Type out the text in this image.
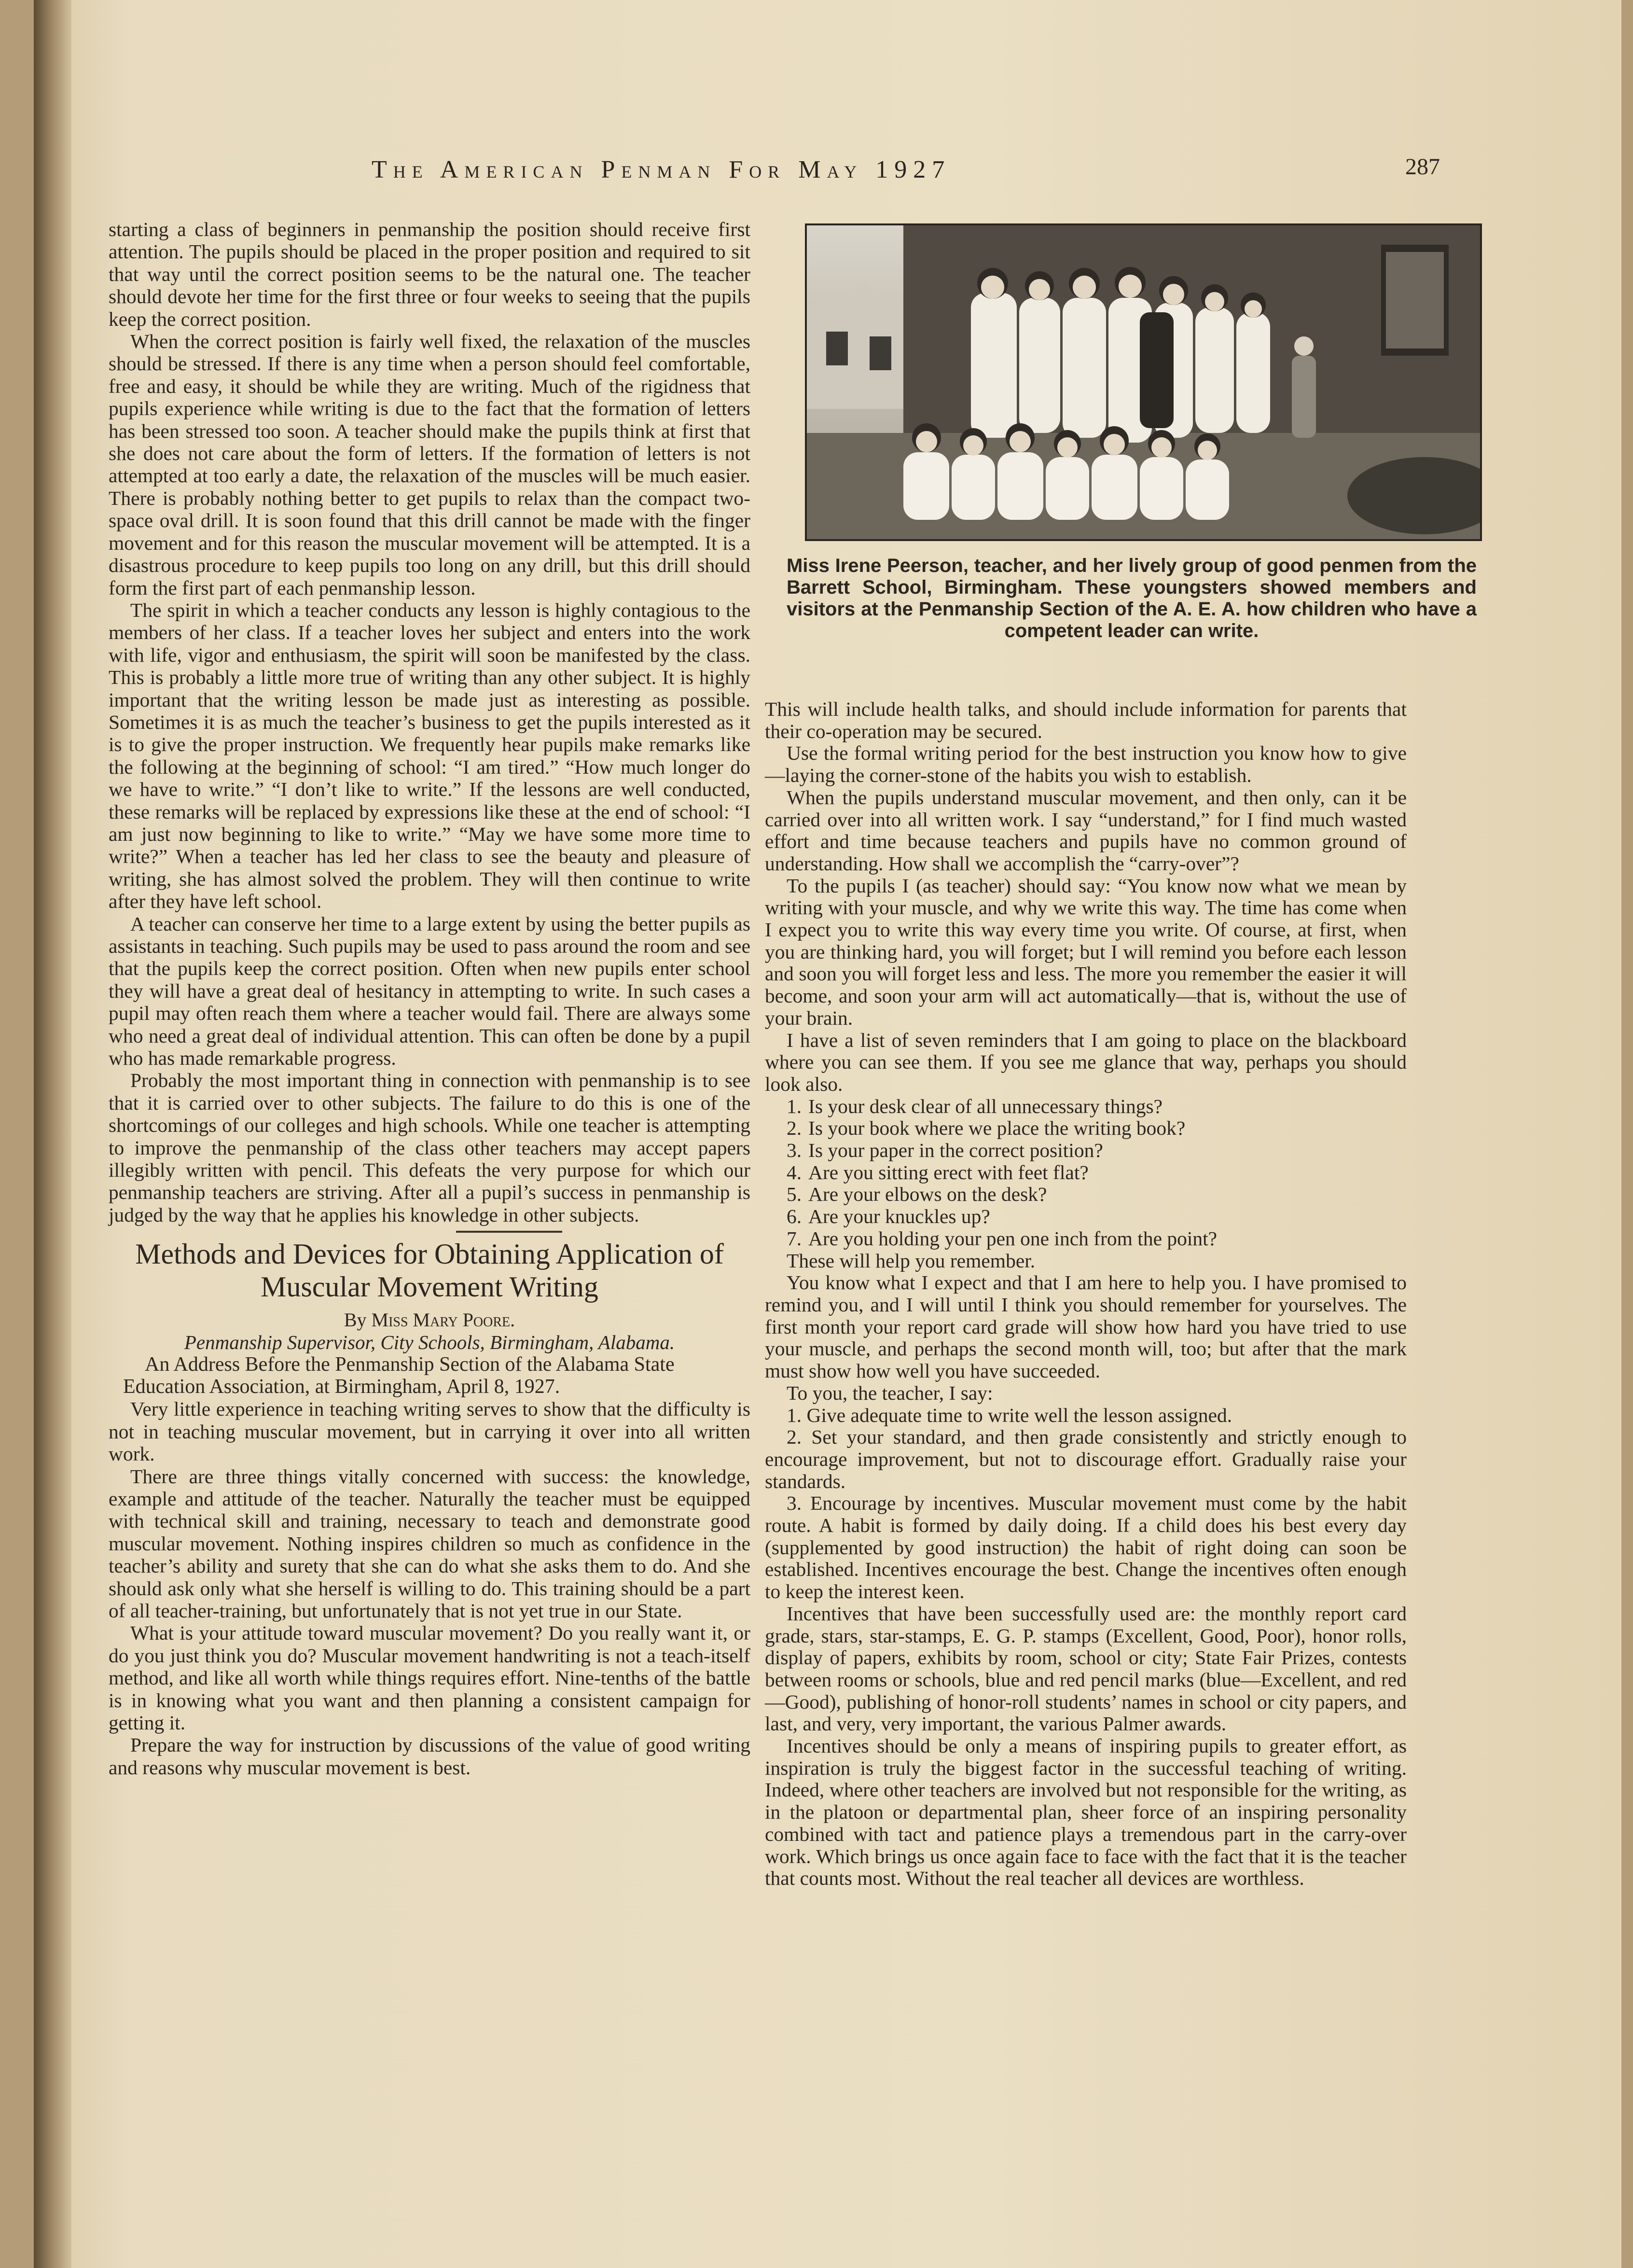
The American Penman For May 1927	287

starting a class of beginners in penmanship the position should receive first attention. The pupils should be placed in the proper position and required to sit that way until the correct position seems to be the natural one. The teacher should devote her time for the first three or four weeks to seeing that the pupils keep the correct position.

When the correct position is fairly well fixed, the relaxation of the muscles should be stressed. If there is any time when a person should feel comfortable, free and easy, it should be while they are writing. Much of the rigidness that pupils experience while writing is due to the fact that the formation of letters has been stressed too soon. A teacher should make the pupils think at first that she does not care about the form of letters. If the formation of letters is not attempted at too early a date, the relaxation of the muscles will be much easier. There is probably nothing better to get pupils to relax than the compact two-space oval drill. It is soon found that this drill cannot be made with the finger movement and for this reason the muscular movement will be attempted. It is a disastrous procedure to keep pupils too long on any drill, but this drill should form the first part of each penmanship lesson.

The spirit in which a teacher conducts any lesson is highly contagious to the members of her class. If a teacher loves her subject and enters into the work with life, vigor and enthusiasm, the spirit will soon be manifested by the class. This is probably a little more true of writing than any other subject. It is highly important that the writing lesson be made just as interesting as possible. Sometimes it is as much the teacher’s business to get the pupils interested as it is to give the proper instruction. We frequently hear pupils make remarks like the following at the beginning of school: “I am tired.” “How much longer do we have to write.” “I don’t like to write.” If the lessons are well conducted, these remarks will be replaced by expressions like these at the end of school: “I am just now beginning to like to write.” “May we have some more time to write?” When a teacher has led her class to see the beauty and pleasure of writing, she has almost solved the problem. They will then continue to write after they have left school.

A teacher can conserve her time to a large extent by using the better pupils as assistants in teaching. Such pupils may be used to pass around the room and see that the pupils keep the correct position. Often when new pupils enter school they will have a great deal of hesitancy in attempting to write. In such cases a pupil may often reach them where a teacher would fail. There are always some who need a great deal of individual attention. This can often be done by a pupil who has made remarkable progress.

Probably the most important thing in connection with penmanship is to see that it is carried over to other subjects. The failure to do this is one of the shortcomings of our colleges and high schools. While one teacher is attempting to improve the penmanship of the class other teachers may accept papers illegibly written with pencil. This defeats the very purpose for which our penmanship teachers are striving. After all a pupil’s success in penmanship is judged by the way that he applies his knowledge in other subjects.

Methods and Devices for Obtaining Application of Muscular Movement Writing

By Miss Mary Poore.

Penmanship Supervisor, City Schools, Birmingham, Alabama.

An Address Before the Penmanship Section of the Alabama State Education Association, at Birmingham, April 8, 1927.

Very little experience in teaching writing serves to show that the difficulty is not in teaching muscular movement, but in carrying it over into all written work.

There are three things vitally concerned with success: the knowledge, example and attitude of the teacher. Naturally the teacher must be equipped with technical skill and training, necessary to teach and demonstrate good muscular movement. Nothing inspires children so much as confidence in the teacher’s ability and surety that she can do what she asks them to do. And she should ask only what she herself is willing to do. This training should be a part of all teacher-training, but unfortunately that is not yet true in our State.

What is your attitude toward muscular movement? Do you really want it, or do you just think you do? Muscular movement handwriting is not a teach-itself method, and like all worth while things requires effort. Nine-tenths of the battle is in knowing what you want and then planning a consistent campaign for getting it.

Prepare the way for instruction by discussions of the value of good writing and reasons why muscular movement is best.

Miss Irene Peerson, teacher, and her lively group of good penmen from the Barrett School, Birmingham. These youngsters showed members and visitors at the Penmanship Section of the A. E. A. how children who have a competent leader can write.

This will include health talks, and should include information for parents that their co-operation may be secured.

Use the formal writing period for the best instruction you know how to give—laying the corner-stone of the habits you wish to establish.

When the pupils understand muscular movement, and then only, can it be carried over into all written work. I say “understand,” for I find much wasted effort and time because teachers and pupils have no common ground of understanding. How shall we accomplish the “carry-over”?

To the pupils I (as teacher) should say: “You know now what we mean by writing with your muscle, and why we write this way. The time has come when I expect you to write this way every time you write. Of course, at first, when you are thinking hard, you will forget; but I will remind you before each lesson and soon you will forget less and less. The more you remember the easier it will become, and soon your arm will act automatically—that is, without the use of your brain.

I have a list of seven reminders that I am going to place on the blackboard where you can see them. If you see me glance that way, perhaps you should look also.

1. Is your desk clear of all unnecessary things?
2. Is your book where we place the writing book?
3. Is your paper in the correct position?
4. Are you sitting erect with feet flat?
5. Are your elbows on the desk?
6. Are your knuckles up?
7. Are you holding your pen one inch from the point?

These will help you remember.

You know what I expect and that I am here to help you. I have promised to remind you, and I will until I think you should remember for yourselves. The first month your report card grade will show how hard you have tried to use your muscle, and perhaps the second month will, too; but after that the mark must show how well you have succeeded.

To you, the teacher, I say:

1. Give adequate time to write well the lesson assigned.

2. Set your standard, and then grade consistently and strictly enough to encourage improvement, but not to discourage effort. Gradually raise your standards.

3. Encourage by incentives. Muscular movement must come by the habit route. A habit is formed by daily doing. If a child does his best every day (supplemented by good instruction) the habit of right doing can soon be established. Incentives encourage the best. Change the incentives often enough to keep the interest keen.

Incentives that have been successfully used are: the monthly report card grade, stars, star-stamps, E. G. P. stamps (Excellent, Good, Poor), honor rolls, display of papers, exhibits by room, school or city; State Fair Prizes, contests between rooms or schools, blue and red pencil marks (blue—Excellent, and red —Good), publishing of honor-roll students’ names in school or city papers, and last, and very, very important, the various Palmer awards.

Incentives should be only a means of inspiring pupils to greater effort, as inspiration is truly the biggest factor in the successful teaching of writing. Indeed, where other teachers are involved but not responsible for the writing, as in the platoon or departmental plan, sheer force of an inspiring personality combined with tact and patience plays a tremendous part in the carry-over work. Which brings us once again face to face with the fact that it is the teacher that counts most. Without the real teacher all devices are worthless.
